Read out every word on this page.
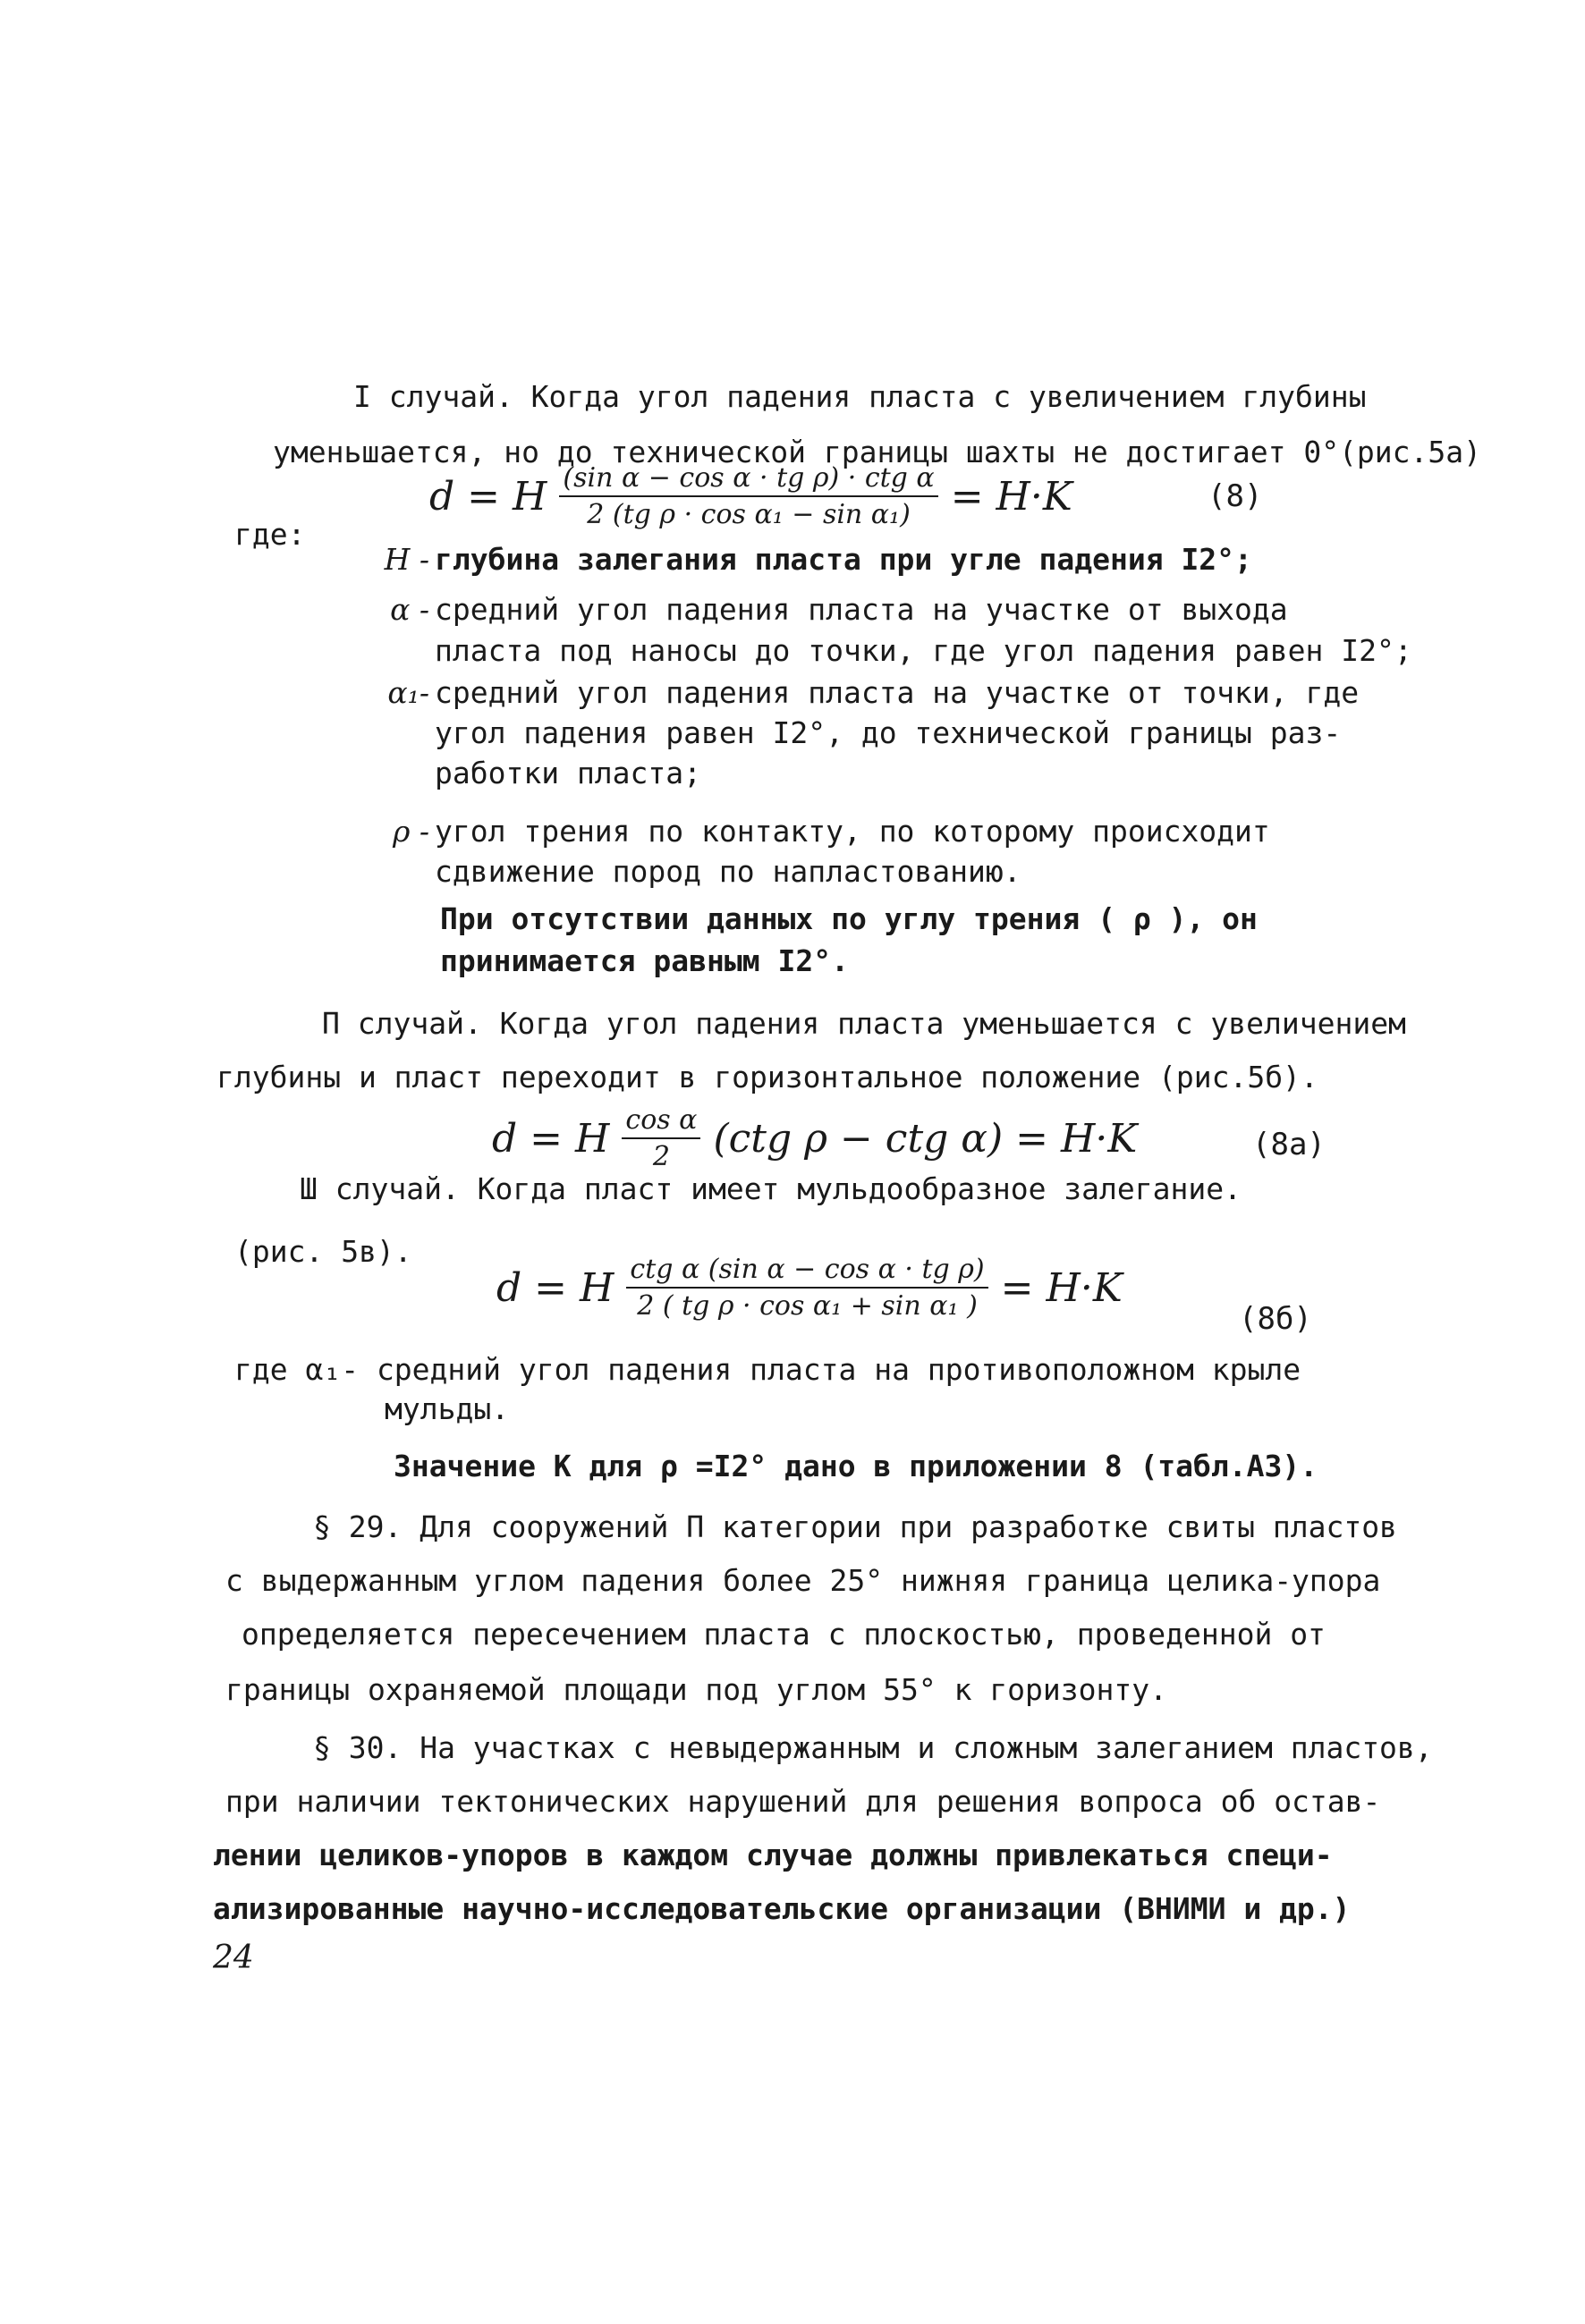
I случай. Когда угол падения пласта с увеличением глубины
уменьшается, но до технической границы шахты не достигает 0°(рис.5а)
d = H $\frac{\text{(sin α − cos α · tg ρ) · ctg α}}{\text{2 (tg ρ · cos α₁ − sin α₁)}} = H\cdot K$	(8)
где:
H - глубина залегания пласта при угле падения I2°;
α - средний угол падения пласта на участке от выхода
пласта под наносы до точки, где угол падения равен I2°;
α₁- средний угол падения пласта на участке от точки, где
угол падения равен I2°, до технической границы раз-
работки пласта;
ρ - угол трения по контакту, по которому происходит
сдвижение пород по напластованию.
При отсутствии данных по углу трения ( ρ ), он
принимается равным I2°.
П случай. Когда угол падения пласта уменьшается с увеличением
глубины и пласт переходит в горизонтальное положение (рис.5б).
d = H $\frac{\text{cos α}}{2} (ctg$ ρ − ctg α) = H·K	(8а)
Ш случай. Когда пласт имеет мульдообразное залегание.
(рис. 5в).
d = H $\frac{\text{ctg α (sin α − cos α · tg ρ)}}{\text{2 ( tg ρ · cos α₁ + sin α₁ )}} = H\cdot K$
(8б)
где α₁- средний угол падения пласта на противоположном крыле
мульды.
Значение K для ρ =I2° дано в приложении 8 (табл.А3).
§ 29. Для сооружений П категории при разработке свиты пластов
с выдержанным углом падения более 25° нижняя граница целика-упора
определяется пересечением пласта с плоскостью, проведенной от
границы охраняемой площади под углом 55° к горизонту.
§ 30. На участках с невыдержанным и сложным залеганием пластов,
при наличии тектонических нарушений для решения вопроса об остав-
лении целиков-упоров в каждом случае должны привлекаться специ-
ализированные научно-исследовательские организации (ВНИМИ и др.)
24
